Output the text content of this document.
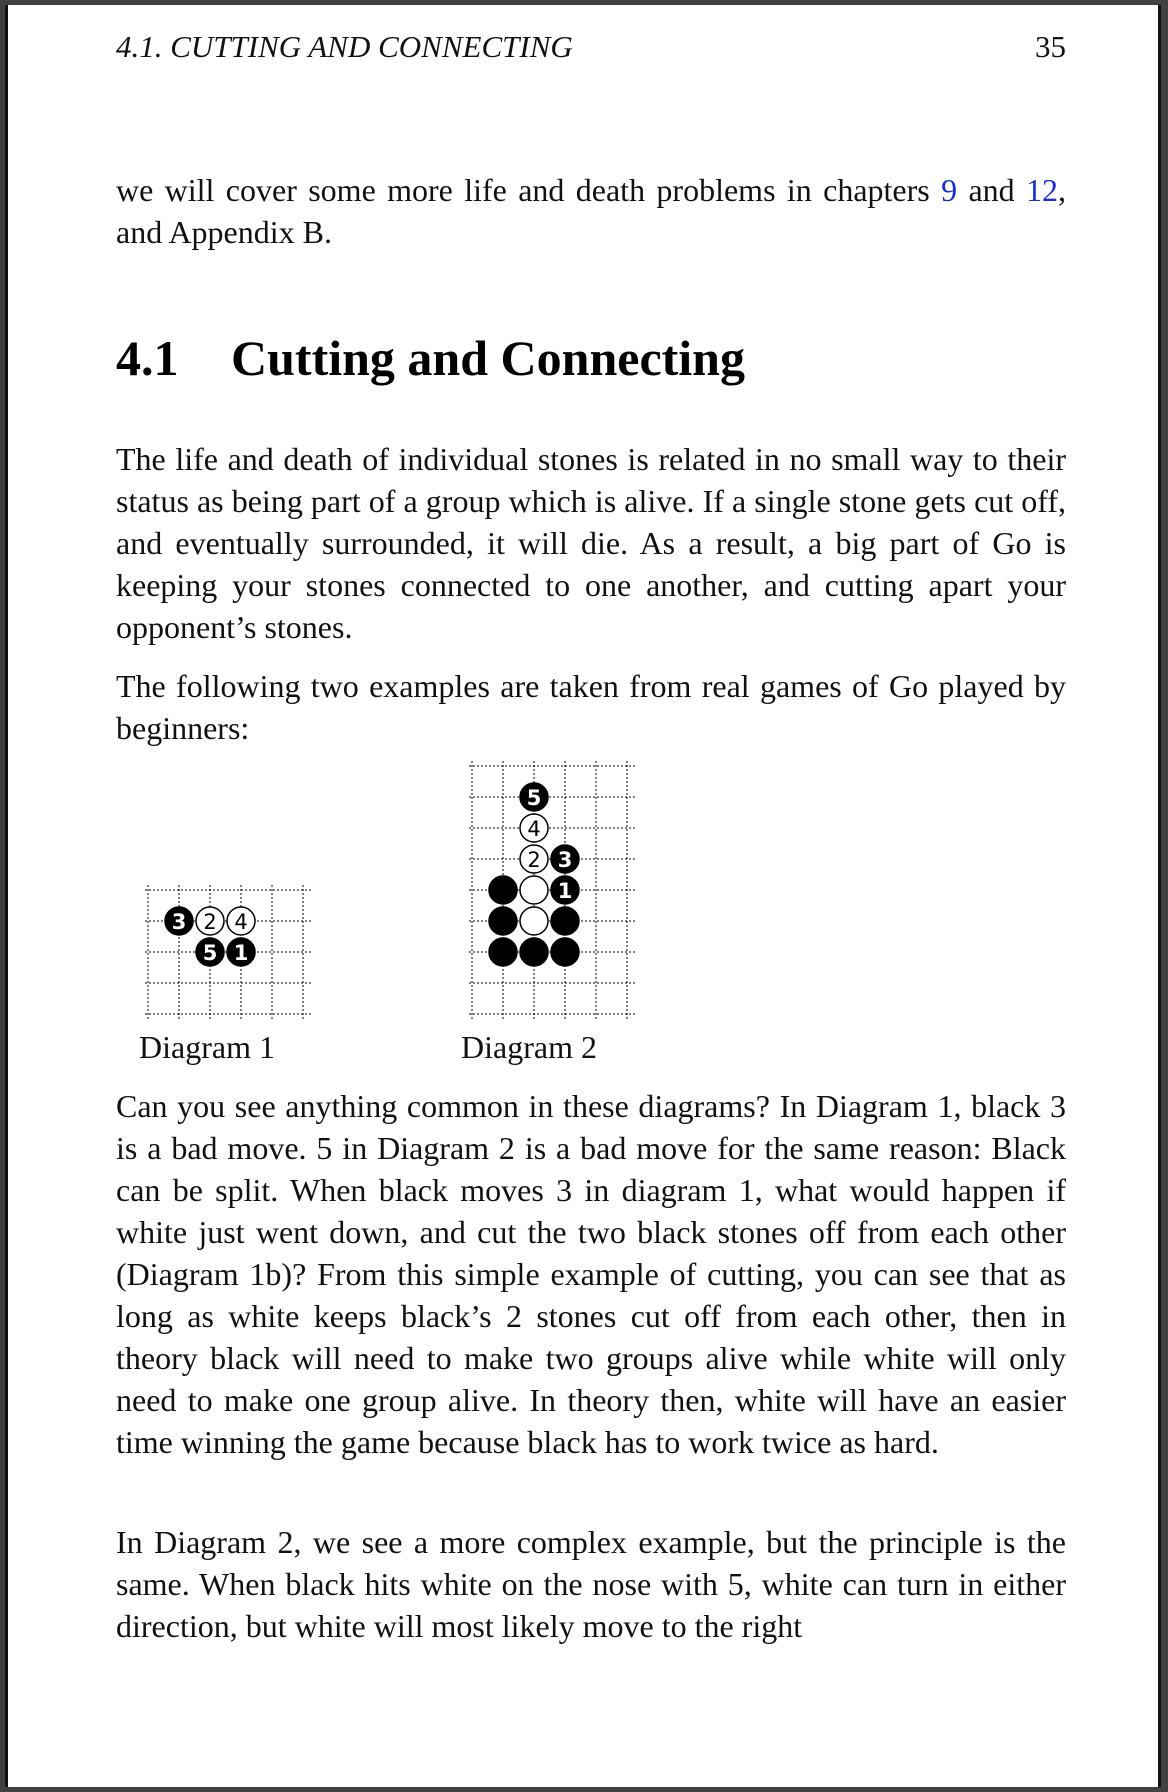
4.1. CUTTING AND CONNECTING	35
we will cover some more life and death problems in chapters 9 and 12, and Appendix B.
4.1 Cutting and Connecting
The life and death of individual stones is related in no small way to their status as being part of a group which is alive. If a single stone gets cut off, and eventually surrounded, it will die. As a result, a big part of Go is keeping your stones connected to one another, and cutting apart your opponent’s stones.
The following two examples are taken from real games of Go played by beginners:
3 2 4
5 1
5
4
2 3
1
Diagram 1	Diagram 2
Can you see anything common in these diagrams? In Diagram 1, black 3 is a bad move. 5 in Diagram 2 is a bad move for the same reason: Black can be split. When black moves 3 in diagram 1, what would happen if white just went down, and cut the two black stones off from each other (Diagram 1b)? From this simple example of cutting, you can see that as long as white keeps black’s 2 stones cut off from each other, then in theory black will need to make two groups alive while white will only need to make one group alive. In theory then, white will have an easier time winning the game because black has to work twice as hard.
In Diagram 2, we see a more complex example, but the principle is the same. When black hits white on the nose with 5, white can turn in either direction, but white will most likely move to the right
